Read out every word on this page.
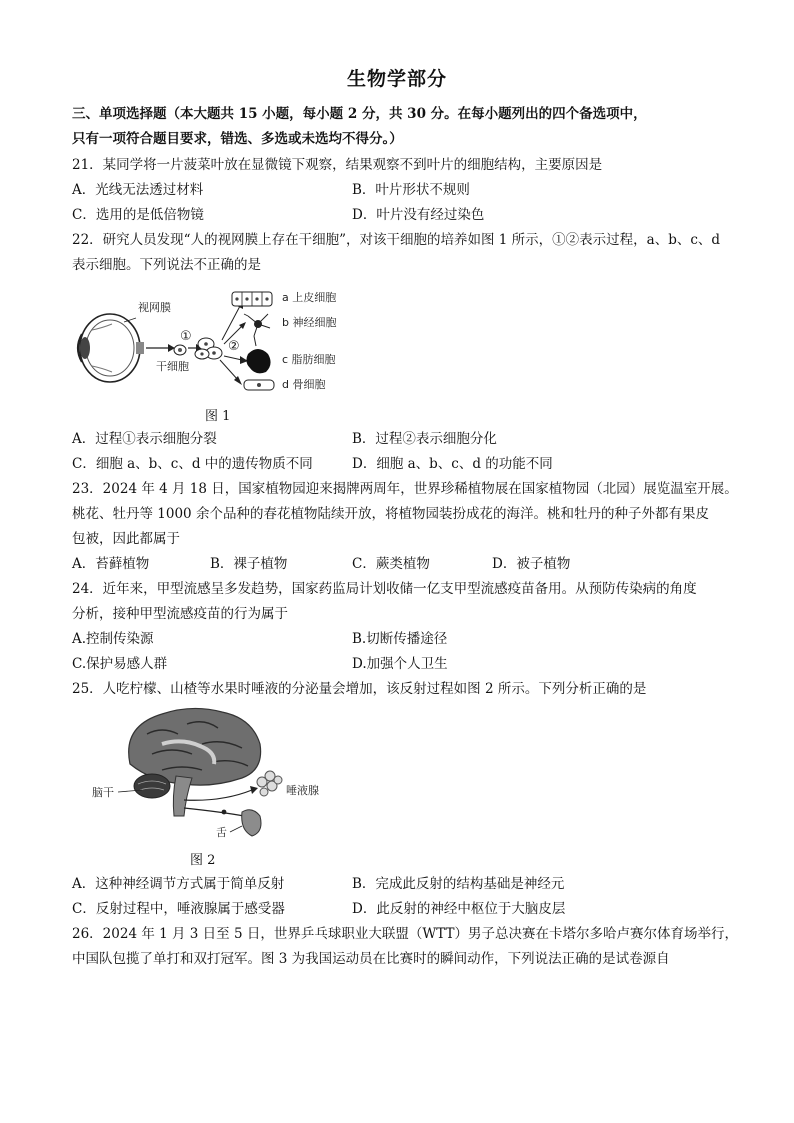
生物学部分
三、单项选择题（本大题共 15 小题，每小题 2 分，共 30 分。在每小题列出的四个备选项中，
只有一项符合题目要求，错选、多选或未选均不得分。）
21．某同学将一片菠菜叶放在显微镜下观察，结果观察不到叶片的细胞结构，主要原因是
A．光线无法透过材料	B．叶片形状不规则
C．选用的是低倍物镜	D．叶片没有经过染色
22．研究人员发现“人的视网膜上存在干细胞”，对该干细胞的培养如图 1 所示，①②表示过程，a、b、c、d
表示细胞。下列说法不正确的是
视网膜
干细胞
①
②
a 上皮细胞
b 神经细胞
c 脂肪细胞
d 骨细胞
图 1
A．过程①表示细胞分裂	B．过程②表示细胞分化
C．细胞 a、b、c、d 中的遗传物质不同	D．细胞 a、b、c、d 的功能不同
23．2024 年 4 月 18 日，国家植物园迎来揭牌两周年，世界珍稀植物展在国家植物园（北园）展览温室开展。
桃花、牡丹等 1000 余个品种的春花植物陆续开放，将植物园装扮成花的海洋。桃和牡丹的种子外都有果皮
包被，因此都属于
A．苔藓植物	B．裸子植物	C．蕨类植物	D．被子植物
24．近年来，甲型流感呈多发趋势，国家药监局计划收储一亿支甲型流感疫苗备用。从预防传染病的角度
分析，接种甲型流感疫苗的行为属于
A.控制传染源	B.切断传播途径
C.保护易感人群	D.加强个人卫生
25．人吃柠檬、山楂等水果时唾液的分泌量会增加，该反射过程如图 2 所示。下列分析正确的是
脑干	唾液腺
舌
图 2
A．这种神经调节方式属于简单反射	B．完成此反射的结构基础是神经元
C．反射过程中，唾液腺属于感受器	D．此反射的神经中枢位于大脑皮层
26．2024 年 1 月 3 日至 5 日，世界乒乓球职业大联盟（WTT）男子总决赛在卡塔尔多哈卢赛尔体育场举行，
中国队包揽了单打和双打冠军。图 3 为我国运动员在比赛时的瞬间动作，下列说法正确的是试卷源自
